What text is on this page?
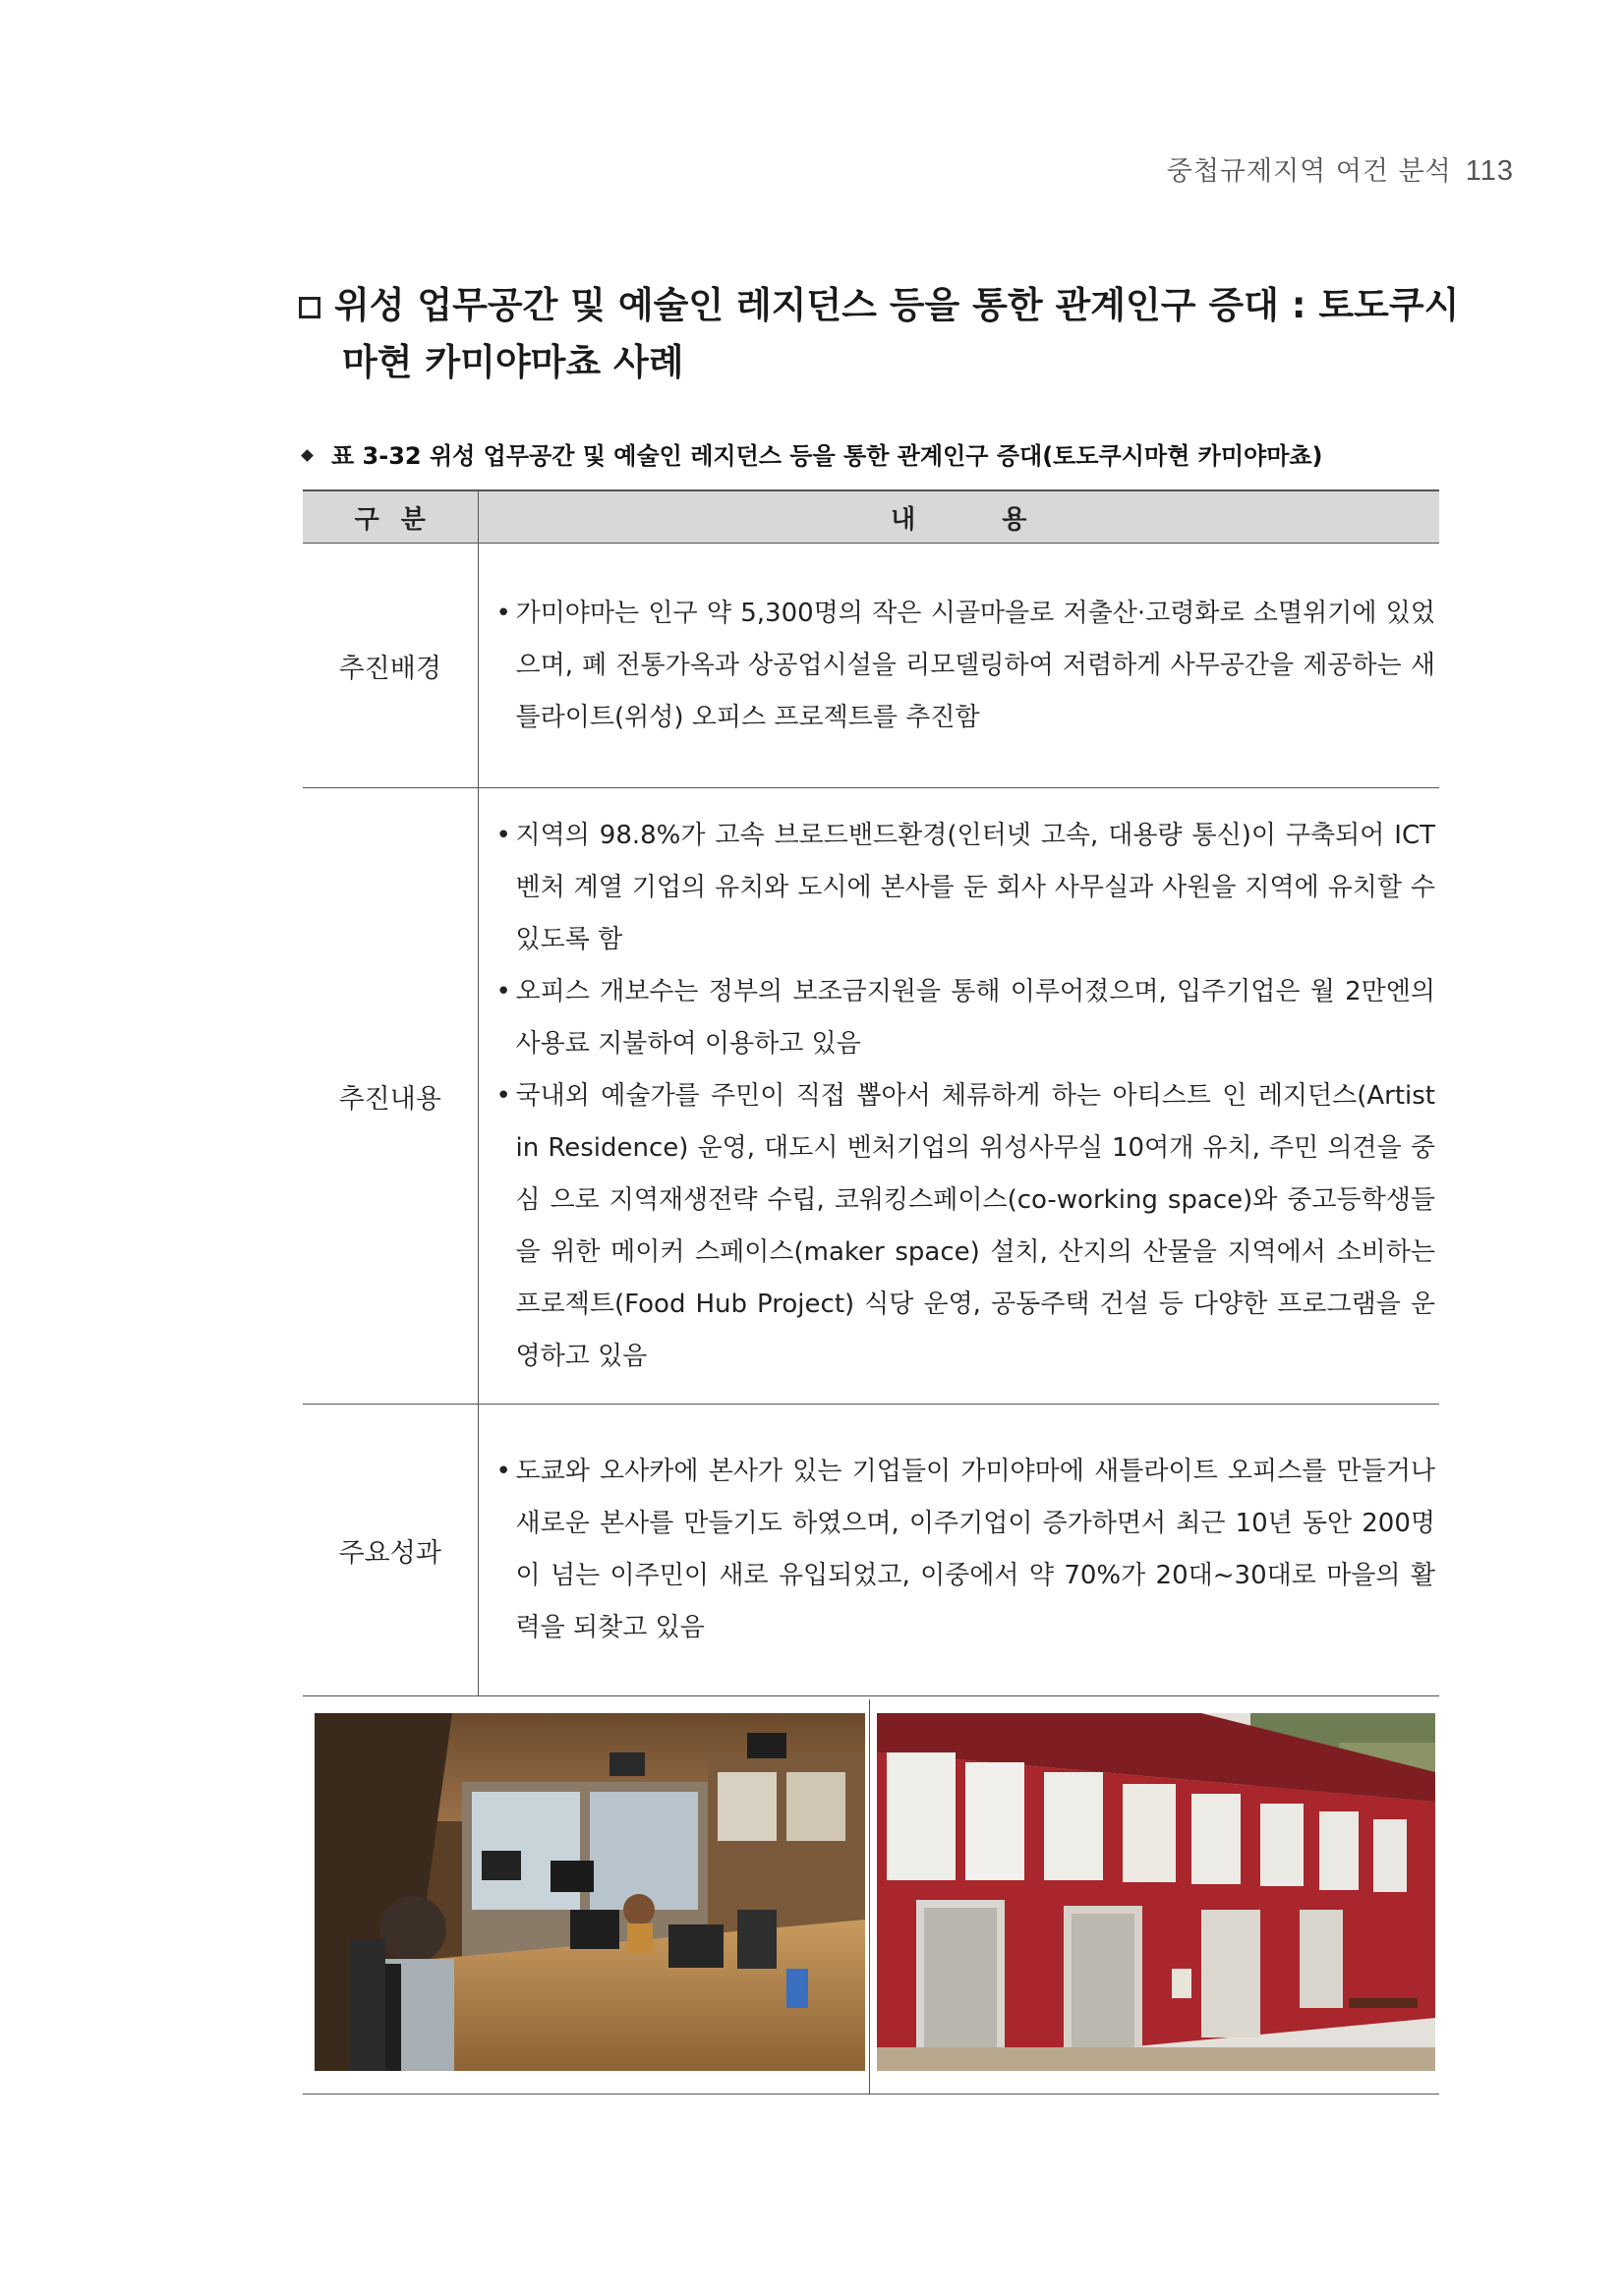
중첩규제지역 여건 분석 113
위성 업무공간 및 예술인 레지던스 등을 통한 관계인구 증대 : 토도쿠시
마현 카미야마쵸 사례
표 3-32 위성 업무공간 및 예술인 레지던스 등을 통한 관계인구 증대(토도쿠시마현 카미야마쵸)
구분	내용
추진배경	• 가미야마는 인구 약 5,300명의 작은 시골마을로 저출산·고령화로 소멸위기에 있었으며, 폐 전통가옥과 상공업시설을 리모델링하여 저렴하게 사무공간을 제공하는 새틀라이트(위성) 오피스 프로젝트를 추진함

추진내용	• 지역의 98.8%가 고속 브로드밴드환경(인터넷 고속, 대용량 통신)이 구축되어 ICT 벤처 계열 기업의 유치와 도시에 본사를 둔 회사 사무실과 사원을 지역에 유치할 수 있도록 함
• 오피스 개보수는 정부의 보조금지원을 통해 이루어졌으며, 입주기업은 월 2만엔의 사용료 지불하여 이용하고 있음
• 국내외 예술가를 주민이 직접 뽑아서 체류하게 하는 아티스트 인 레지던스(Artist in Residence) 운영, 대도시 벤처기업의 위성사무실 10여개 유치, 주민 의견을 중심 으로 지역재생전략 수립, 코워킹스페이스(co-working space)와 중고등학생들을 위한 메이커 스페이스(maker space) 설치, 산지의 산물을 지역에서 소비하는 프로젝트(Food Hub Project) 식당 운영, 공동주택 건설 등 다양한 프로그램을 운영하고 있음

주요성과	• 도쿄와 오사카에 본사가 있는 기업들이 가미야마에 새틀라이트 오피스를 만들거나 새로운 본사를 만들기도 하였으며, 이주기업이 증가하면서 최근 10년 동안 200명이 넘는 이주민이 새로 유입되었고, 이중에서 약 70%가 20대~30대로 마을의 활력을 되찾고 있음
